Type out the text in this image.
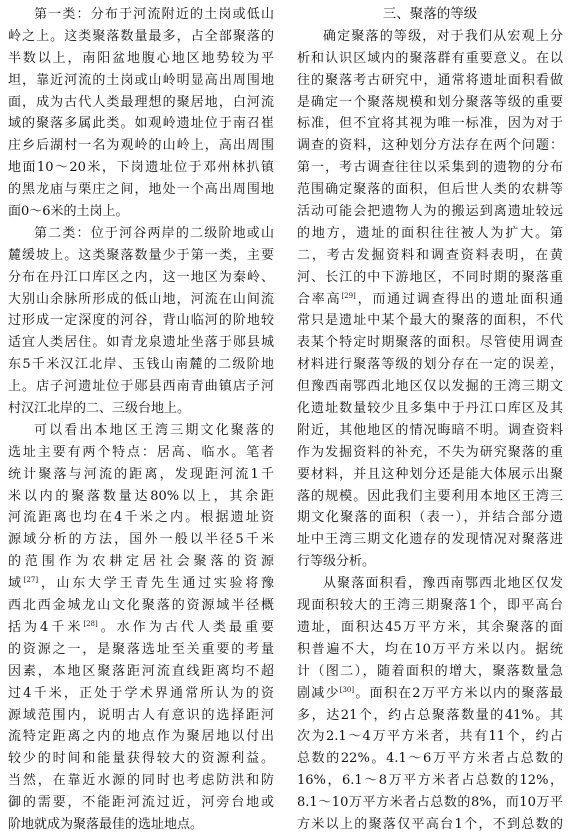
第一类：分布于河流附近的土岗或低山
岭之上。这类聚落数量最多，占全部聚落的
半数以上，南阳盆地腹心地区地势较为平
坦，靠近河流的土岗或山岭明显高出周围地
面，成为古代人类最理想的聚居地，白河流
域的聚落多属此类。如观岭遗址位于南召崔
庄乡后湖村一名为观岭的山岭上，高出周围
地面10～20米，下岗遗址位于邓州林扒镇
的黑龙庙与栗庄之间，地处一个高出周围地
面0～6米的土岗上。
第二类：位于河谷两岸的二级阶地或山
麓缓坡上。这类聚落数量少于第一类，主要
分布在丹江口库区之内，这一地区为秦岭、
大别山余脉所形成的低山地，河流在山间流
过形成一定深度的河谷，背山临河的阶地较
适宜人类居住。如青龙泉遗址坐落于郧县城
东5千米汉江北岸、玉钱山南麓的二级阶地
上。店子河遗址位于郧县西南青曲镇店子河
村汉江北岸的二、三级台地上。
可以看出本地区王湾三期文化聚落的
选址主要有两个特点：居高、临水。笔者
统计聚落与河流的距离，发现距河流1千
米以内的聚落数量达80%以上，其余距
河流距离也均在4千米之内。根据遗址资
源域分析的方法，国外一般以半径5千米
的范围作为农耕定居社会聚落的资源
域[27]，山东大学王青先生通过实验将豫
西北西金城龙山文化聚落的资源域半径概
括为4千米[28]。水作为古代人类最重要
的资源之一，是聚落选址至关重要的考量
因素，本地区聚落距河流直线距离均不超
过4千米，正处于学术界通常所认为的资
源域范围内，说明古人有意识的选择距河
流特定距离之内的地点作为聚居地以付出
较少的时间和能量获得较大的资源利益。
当然，在靠近水源的同时也考虑防洪和防
御的需要，不能距河流过近，河旁台地或
阶地就成为聚落最佳的选址地点。
三、聚落的等级
确定聚落的等级，对于我们从宏观上分
析和认识区域内的聚落群有重要意义。在以
往的聚落考古研究中，通常将遗址面积看做
是确定一个聚落规模和划分聚落等级的重要
标准，但不宜将其视为唯一标准，因为对于
调查的资料，这种划分方法存在两个问题：
第一，考古调查往往以采集到的遗物的分布
范围确定聚落的面积，但后世人类的农耕等
活动可能会把遗物人为的搬运到离遗址较远
的地方，遗址的面积往往被人为扩大。第
二，考古发掘资料和调查资料表明，在黄
河、长江的中下游地区，不同时期的聚落重
合率高[29]，而通过调查得出的遗址面积通
常只是遗址中某个最大的聚落的面积，不代
表某个特定时期聚落的面积。尽管使用调查
材料进行聚落等级的划分存在一定的误差，
但豫西南鄂西北地区仅以发掘的王湾三期文
化遗址数量较少且多集中于丹江口库区及其
附近，其他地区的情况晦暗不明。调查资料
作为发掘资料的补充，不失为研究聚落的重
要材料，并且这种划分还是能大体展示出聚
落的规模。因此我们主要利用本地区王湾三
期文化聚落的面积（表一），并结合部分遗
址中王湾三期文化遗存的发现情况对聚落进
行等级分析。
从聚落面积看，豫西南鄂西北地区仅发
现面积较大的王湾三期聚落1个，即平高台
遗址，面积达45万平方米，其余聚落的面
积普遍不大，均在10万平方米以内。据统
计（图二），随着面积的增大，聚落数量急
剧减少[30]。面积在2万平方米以内的聚落最
多，达21个，约占总聚落数量的41%。其
次为2.1～4万平方米者，共有11个，约占
总数的22%。4.1～6万平方米者占总数的
16%，6.1～8万平方米者占总数的12%，
8.1～10万平方米者占总数的8%，而10万平
方米以上的聚落仅平高台1个，不到总数的
